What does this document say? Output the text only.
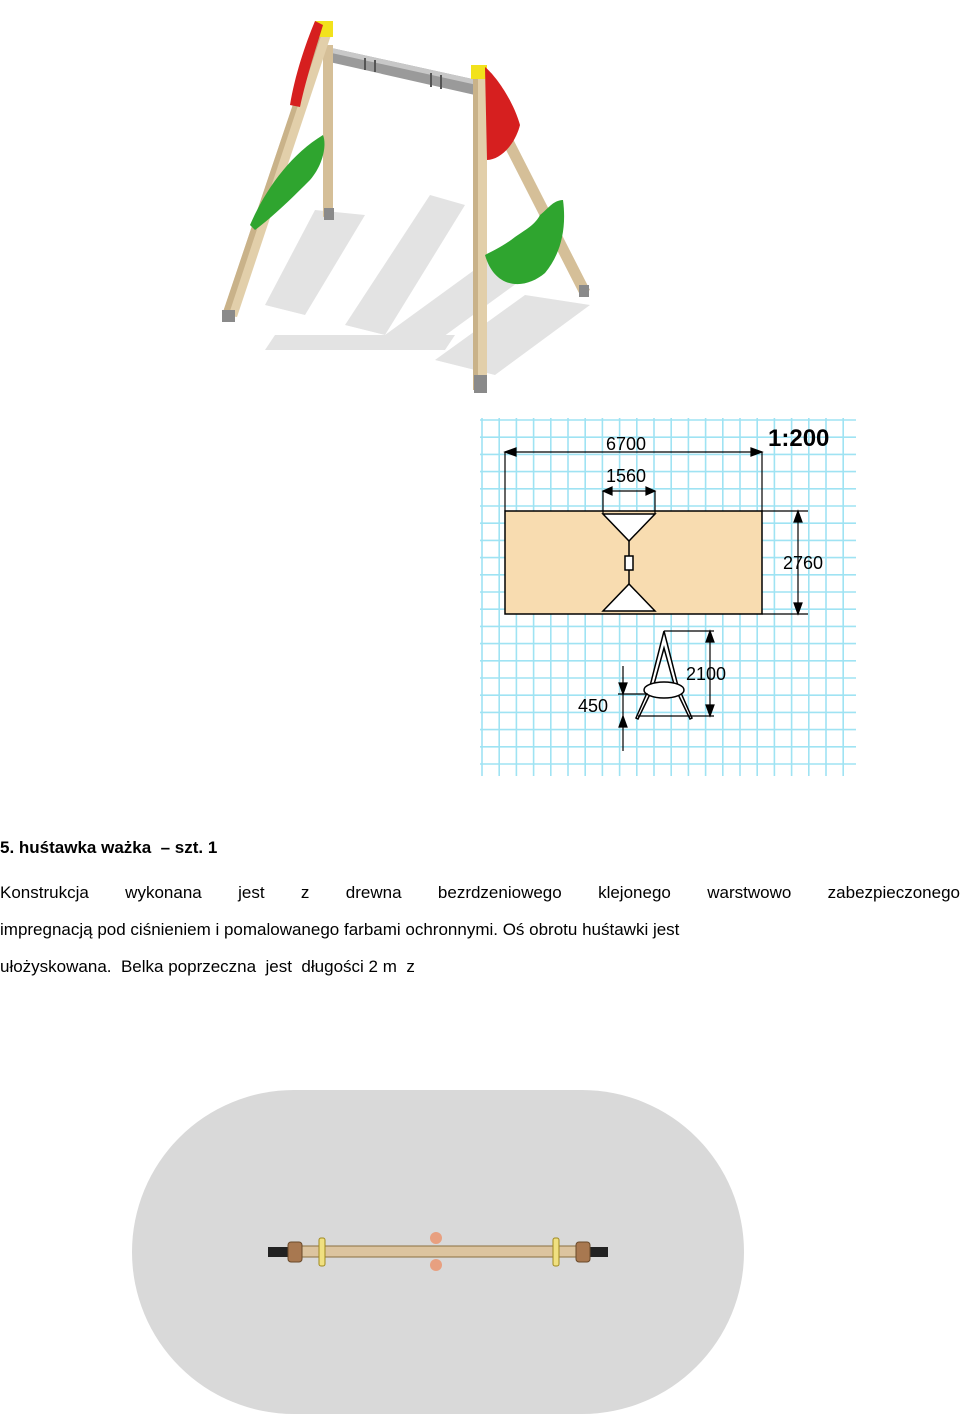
1:200
6700
1560
2760
2100
450
5. huśtawka ważka  – szt. 1
Konstrukcja wykonana jest z drewna bezrdzeniowego klejonego warstwowo zabezpieczonego
impregnacją pod ciśnieniem i pomalowanego farbami ochronnymi. Oś obrotu huśtawki jest
ułożyskowana.  Belka poprzeczna  jest  długości 2 m  z
